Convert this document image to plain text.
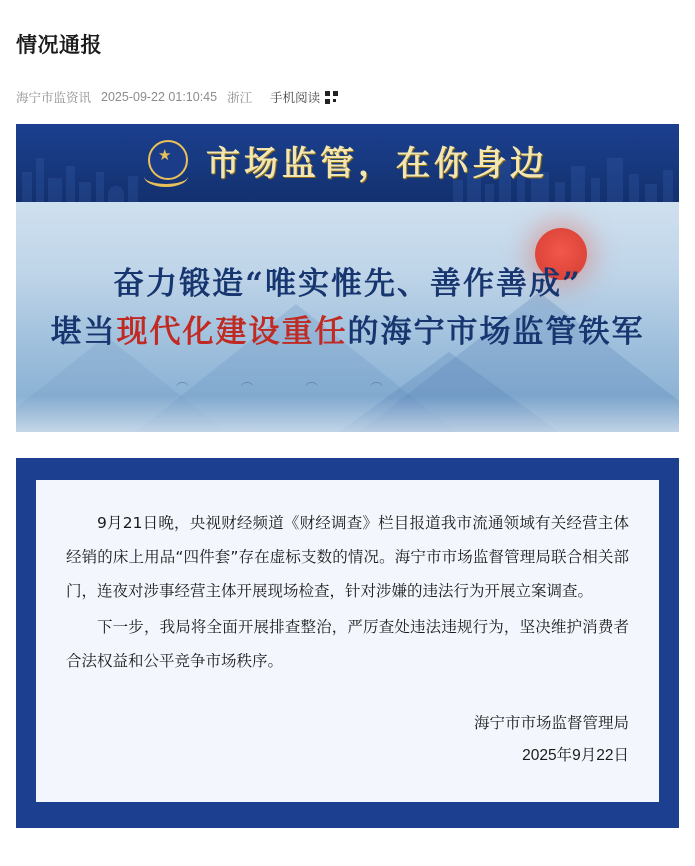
情况通报
海宁市监资讯 2025-09-22 01:10:45 浙江 手机阅读
★ 市场监管，在你身边
奋力锻造“唯实惟先、善作善成”
堪当现代化建设重任的海宁市场监管铁军
︵ ︵ ︵ ︵

9月21日晚，央视财经频道《财经调查》栏目报道我市流通领域有关经营主体经销的床上用品“四件套”存在虚标支数的情况。海宁市市场监督管理局联合相关部门，连夜对涉事经营主体开展现场检查，针对涉嫌的违法行为开展立案调查。

下一步，我局将全面开展排查整治，严厉查处违法违规行为，坚决维护消费者合法权益和公平竞争市场秩序。

海宁市市场监督管理局
2025年9月22日
